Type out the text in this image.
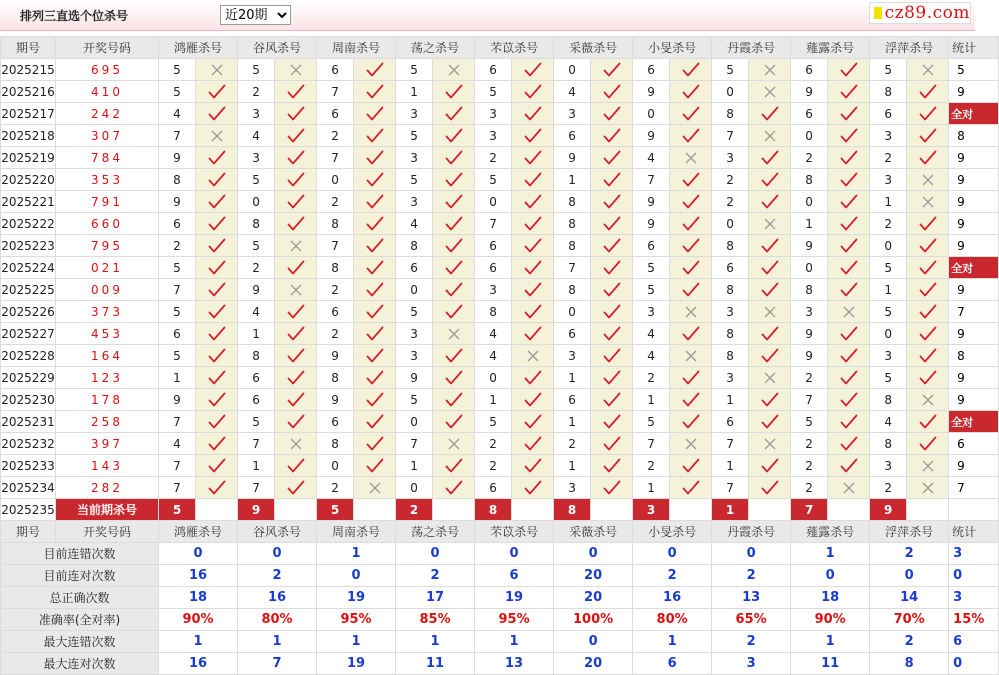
排列三直选个位杀号
近20期	cz89.com
期号	开奖号码	鸿雁杀号		谷风杀号		周南杀号		荡之杀号		芣苡杀号		采薇杀号		小旻杀号		丹霞杀号		薤露杀号		浮萍杀号		统计
2025215	695	5		5		6		5		6		0		6		5		6		5		5
2025216	410	5		2		7		1		5		4		9		0		9		8		9
2025217	242	4		3		6		3		3		3		0		8		6		6		全对
2025218	307	7		4		2		5		3		6		9		7		0		3		8
2025219	784	9		3		7		3		2		9		4		3		2		2		9
2025220	353	8		5		0		5		5		1		7		2		8		3		9
2025221	791	9		0		2		3		0		8		9		2		0		1		9
2025222	660	6		8		8		4		7		8		9		0		1		2		9
2025223	795	2		5		7		8		6		8		6		8		9		0		9
2025224	021	5		2		8		6		6		7		5		6		0		5		全对
2025225	009	7		9		2		0		3		8		5		8		8		1		9
2025226	373	5		4		6		5		8		0		3		3		3		5		7
2025227	453	6		1		2		3		4		6		4		8		9		0		9
2025228	164	5		8		9		3		4		3		4		8		9		3		8
2025229	123	1		6		8		9		0		1		2		3		2		5		9
2025230	178	9		6		9		5		1		6		1		1		7		8		9
2025231	258	7		5		6		0		5		1		5		6		5		4		全对
2025232	397	4		7		8		7		2		2		7		7		2		8		6
2025233	143	7		1		0		1		2		1		2		1		2		3		9
2025234	282	7		7		2		0		6		3		1		7		2		2		7
2025235	当前期杀号	5		9		5		2		8		8		3		1		7		9		
期号	开奖号码	鸿雁杀号		谷风杀号		周南杀号		荡之杀号		芣苡杀号		采薇杀号		小旻杀号		丹霞杀号		薤露杀号		浮萍杀号		统计
目前连错次数		0		0		1		0		0		0		0		0		1		2		3
目前连对次数		16		2		0		2		6		20		2		2		0		0		0
总正确次数		18		16		19		17		19		20		16		13		18		14		3
准确率(全对率)		90%		80%		95%		85%		95%		100%		80%		65%		90%		70%		15%
最大连错次数		1		1		1		1		1		0		1		2		1		2		6
最大连对次数		16		7		19		11		13		20		6		3		11		8		0
